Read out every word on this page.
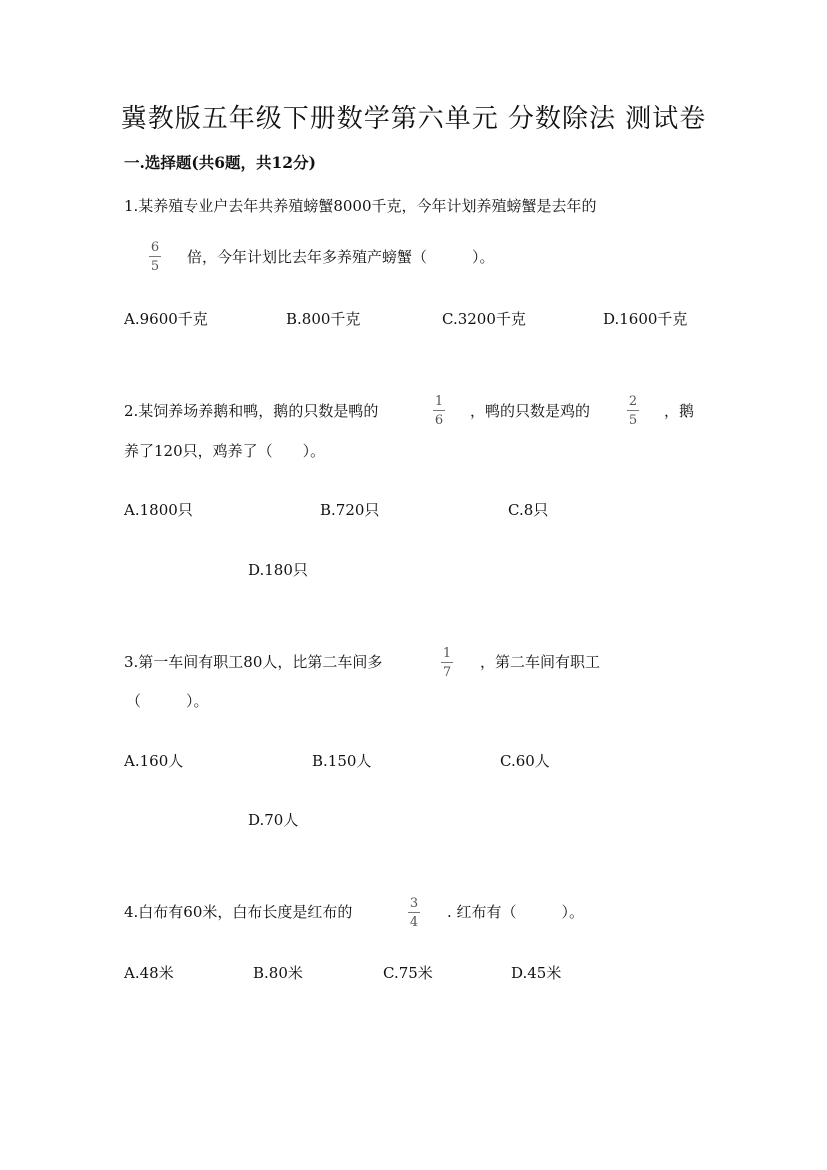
冀教版五年级下册数学第六单元 分数除法 测试卷
一.选择题(共6题，共12分)
1.某养殖专业户去年共养殖螃蟹8000千克，今年计划养殖螃蟹是去年的
6
5
倍，今年计划比去年多养殖产螃蟹（　　　）。
A.9600千克	B.800千克	C.3200千克	D.1600千克
2.某饲养场养鹅和鸭，鹅的只数是鸭的
1
6
，鸭的只数是鸡的
2
5
，鹅
养了120只，鸡养了（　　）。
A.1800只	B.720只	C.8只
D.180只
3.第一车间有职工80人，比第二车间多	1
7
，第二车间有职工
（　　　）。
A.160人	B.150人	C.60人
D.70人
4.白布有60米，白布长度是红布的	3
4
. 红布有（　　　）。
A.48米	B.80米	C.75米	D.45米
